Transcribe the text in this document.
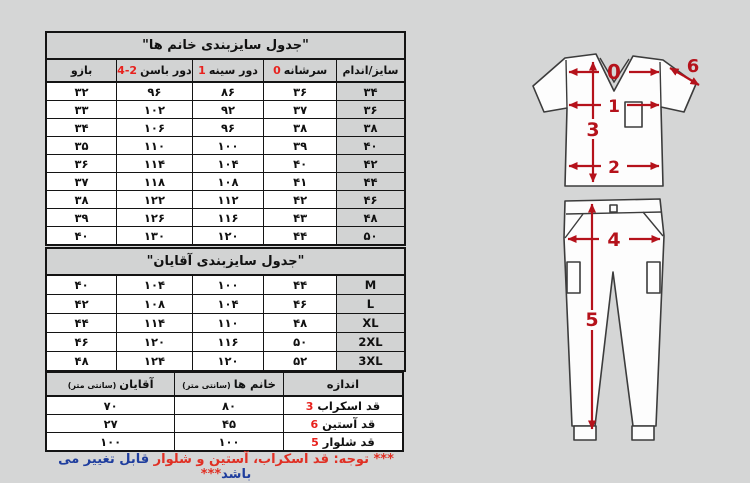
"جدول سایزبندی خانم ها"				
سایز/اندام	سرشانه0	دور سینه1	دور باسن2-4	بازو
۳۴	۳۶	۸۶	۹۶	۳۲
۳۶	۳۷	۹۲	۱۰۲	۳۳
۳۸	۳۸	۹۶	۱۰۶	۳۴
۴۰	۳۹	۱۰۰	۱۱۰	۳۵
۴۲	۴۰	۱۰۴	۱۱۴	۳۶
۴۴	۴۱	۱۰۸	۱۱۸	۳۷
۴۶	۴۲	۱۱۲	۱۲۲	۳۸
۴۸	۴۳	۱۱۶	۱۲۶	۳۹
۵۰	۴۴	۱۲۰	۱۳۰	۴۰
"جدول سایزبندی آقایان"				
M	۴۴	۱۰۰	۱۰۴	۴۰
L	۴۶	۱۰۴	۱۰۸	۴۲
XL	۴۸	۱۱۰	۱۱۴	۴۴
2XL	۵۰	۱۱۶	۱۲۰	۴۶
3XL	۵۲	۱۲۰	۱۲۴	۴۸
اندازه	خانم ها(سانتی متر)	آقایان(سانتی متر)
قد اسکراب3	۸۰	۷۰
قد آستین6	۴۵	۲۷
قد شلوار5	۱۰۰	۱۰۰
*** توجه: قد اسکراب، آستین و شلوار قابل تغییر می باشد***
0	6
1
3
2
4
5
